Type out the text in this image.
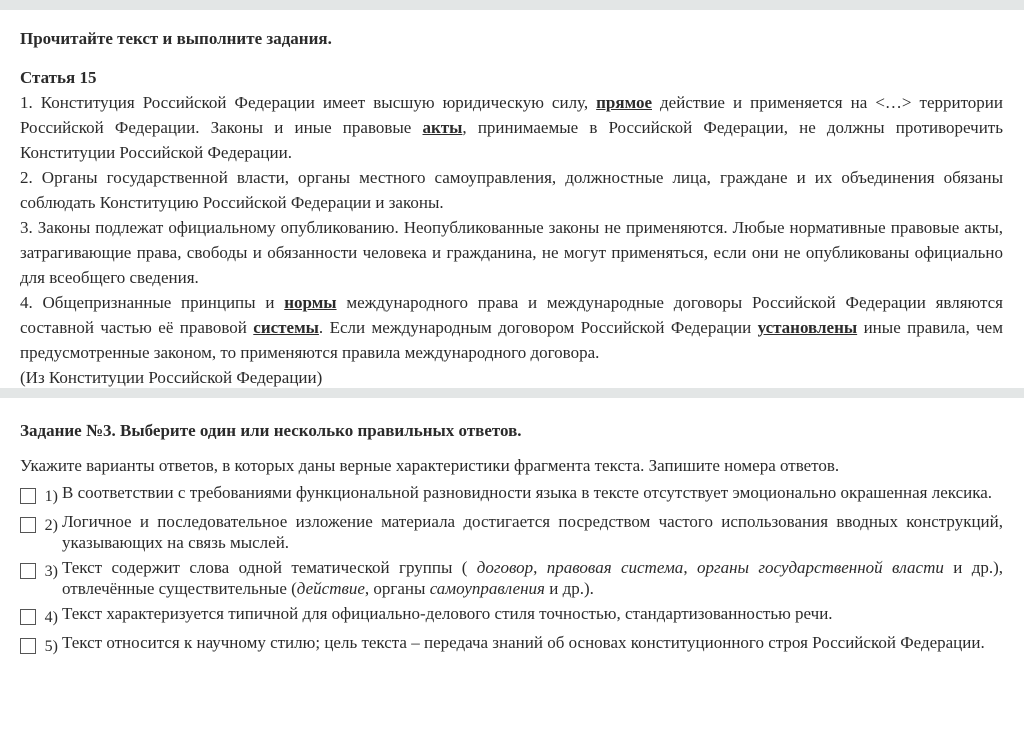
Прочитайте текст и выполните задания.
Статья 15
1. Конституция Российской Федерации имеет высшую юридическую силу, прямое действие и применяется на <…> территории Российской Федерации. Законы и иные правовые акты, принимаемые в Российской Федерации, не должны противоречить Конституции Российской Федерации.
2. Органы государственной власти, органы местного самоуправления, должностные лица, граждане и их объединения обязаны соблюдать Конституцию Российской Федерации и законы.
3. Законы подлежат официальному опубликованию. Неопубликованные законы не применяются. Любые нормативные правовые акты, затрагивающие права, свободы и обязанности человека и гражданина, не могут применяться, если они не опубликованы официально для всеобщего сведения.
4. Общепризнанные принципы и нормы международного права и международные договоры Российской Федерации являются составной частью её правовой системы. Если международным договором Российской Федерации установлены иные правила, чем предусмотренные законом, то применяются правила международного договора.
(Из Конституции Российской Федерации)
Задание №3. Выберите один или несколько правильных ответов.
Укажите варианты ответов, в которых даны верные характеристики фрагмента текста. Запишите номера ответов.
1) В соответствии с требованиями функциональной разновидности языка в тексте отсутствует эмоционально окрашенная лексика.
2) Логичное и последовательное изложение материала достигается посредством частого использования вводных конструкций, указывающих на связь мыслей.
3) Текст содержит слова одной тематической группы ( договор, правовая система, органы государственной власти и др.), отвлечённые существительные (действие, органы самоуправления и др.).
4) Текст характеризуется типичной для официально-делового стиля точностью, стандартизованностью речи.
5) Текст относится к научному стилю; цель текста – передача знаний об основах конституционного строя Российской Федерации.
